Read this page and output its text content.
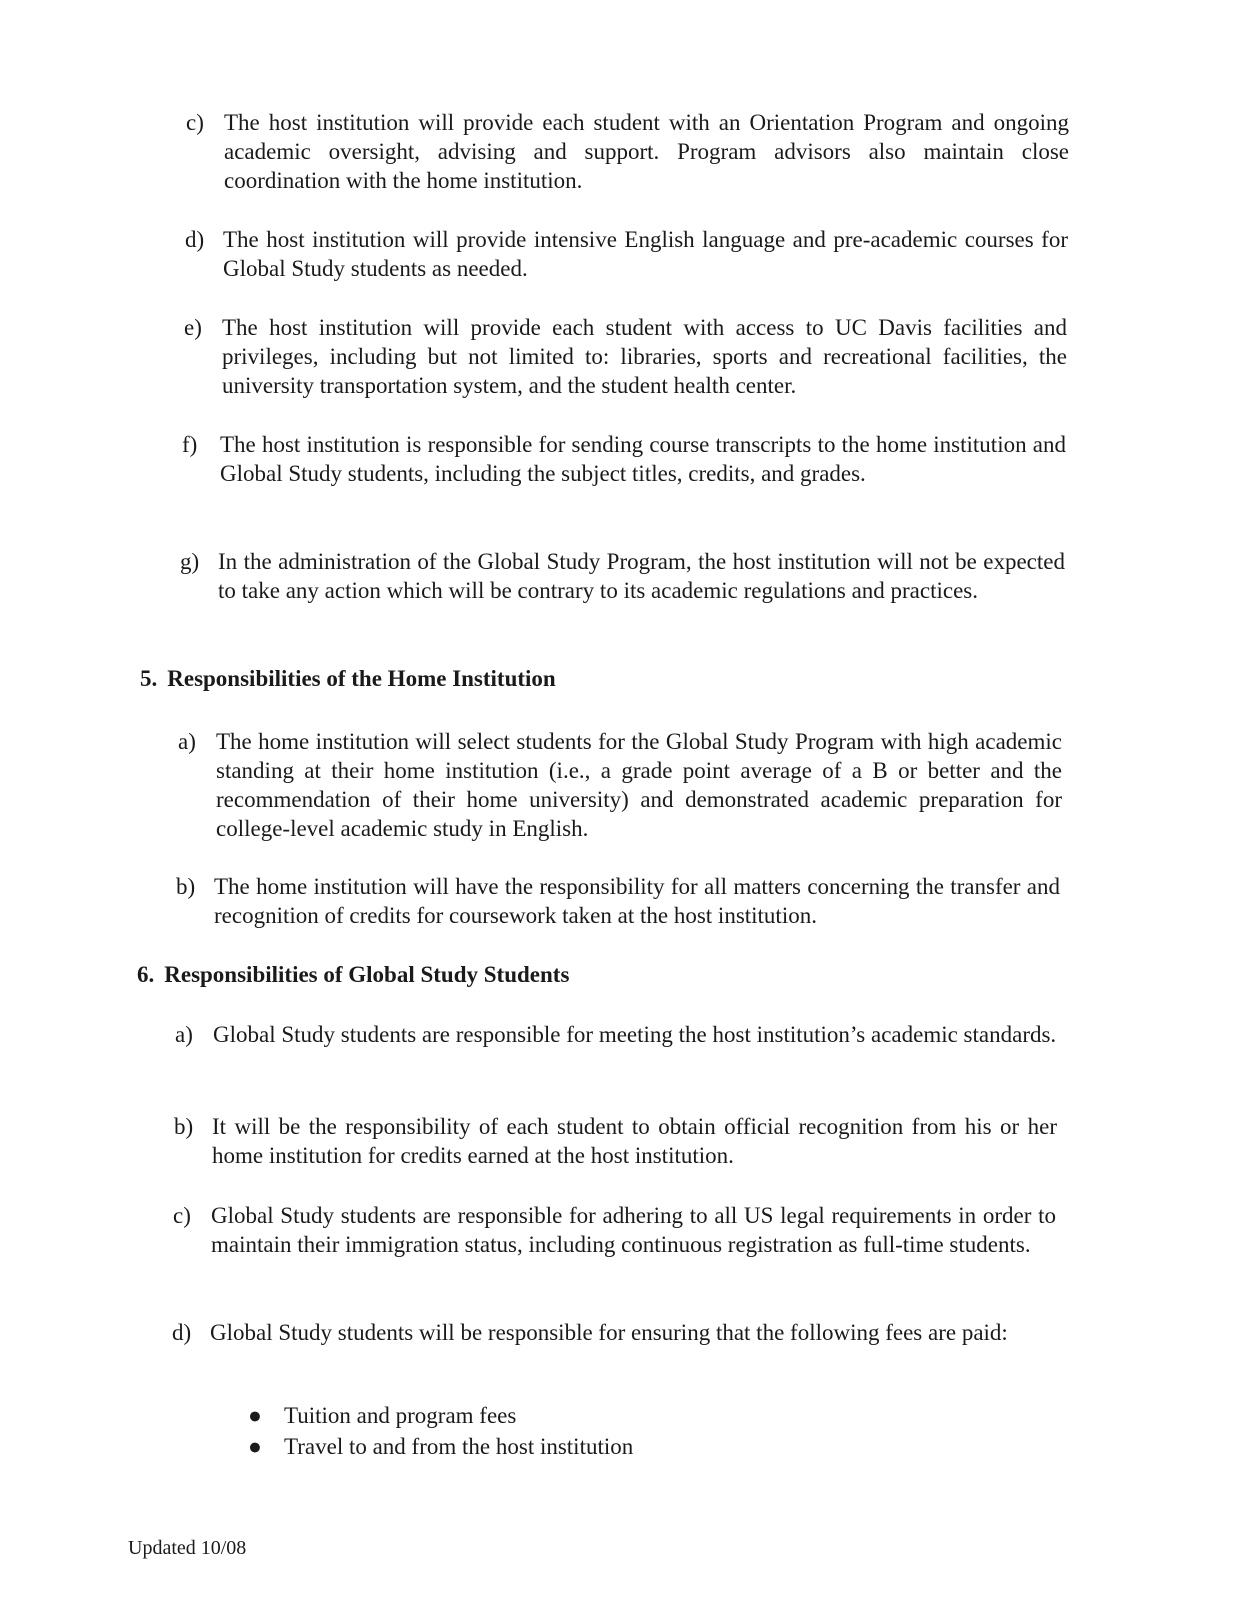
c) The host institution will provide each student with an Orientation Program and ongoing academic oversight, advising and support. Program advisors also maintain close coordination with the home institution.
d) The host institution will provide intensive English language and pre-academic courses for Global Study students as needed.
e) The host institution will provide each student with access to UC Davis facilities and privileges, including but not limited to: libraries, sports and recreational facilities, the university transportation system, and the student health center.
f) The host institution is responsible for sending course transcripts to the home institution and Global Study students, including the subject titles, credits, and grades.
g) In the administration of the Global Study Program, the host institution will not be expected to take any action which will be contrary to its academic regulations and practices.
5. Responsibilities of the Home Institution
a) The home institution will select students for the Global Study Program with high academic standing at their home institution (i.e., a grade point average of a B or better and the recommendation of their home university) and demonstrated academic preparation for college-level academic study in English.
b) The home institution will have the responsibility for all matters concerning the transfer and recognition of credits for coursework taken at the host institution.
6. Responsibilities of Global Study Students
a) Global Study students are responsible for meeting the host institution’s academic standards.
b) It will be the responsibility of each student to obtain official recognition from his or her home institution for credits earned at the host institution.
c) Global Study students are responsible for adhering to all US legal requirements in order to maintain their immigration status, including continuous registration as full-time students.
d) Global Study students will be responsible for ensuring that the following fees are paid:
● Tuition and program fees
● Travel to and from the host institution
Updated 10/08
